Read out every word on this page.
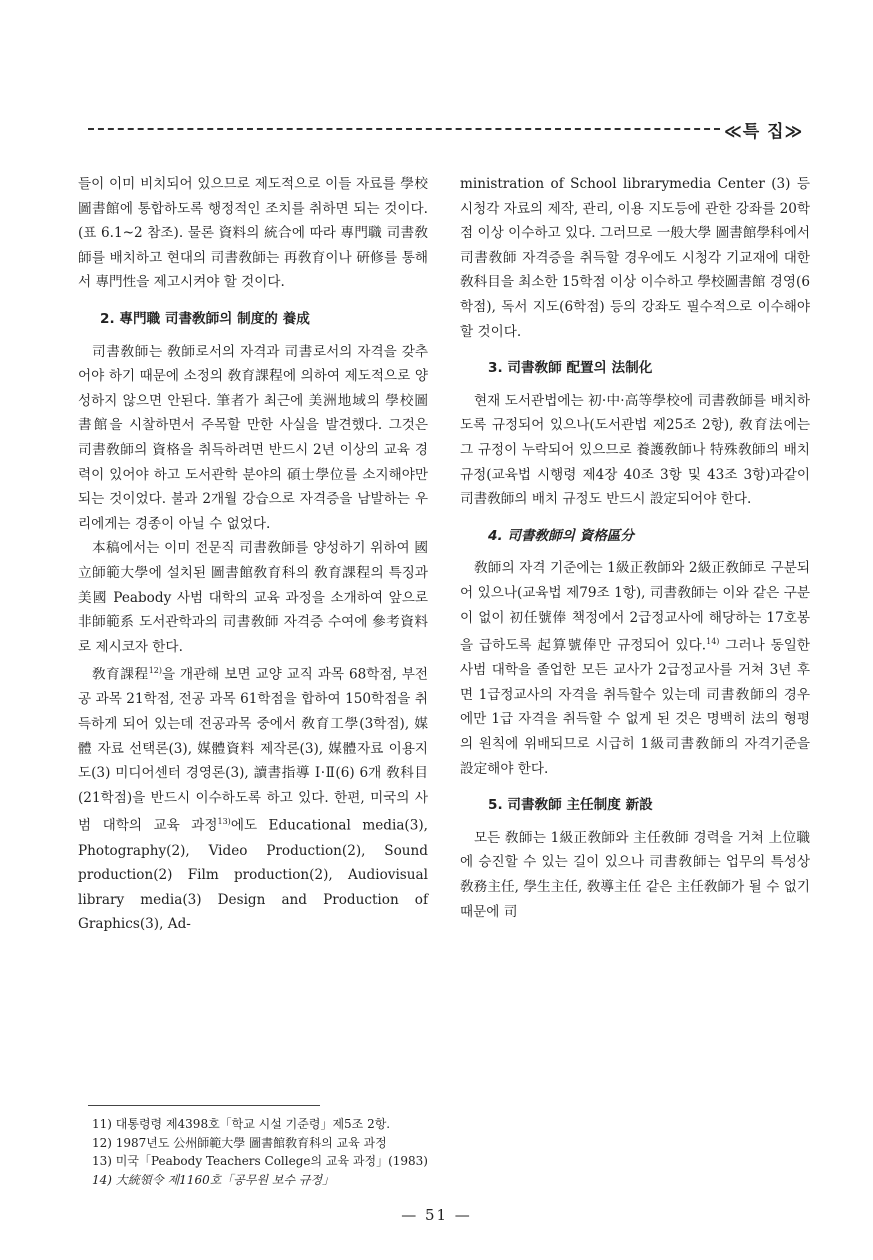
≪특 집≫

들이 이미 비치되어 있으므로 제도적으로 이들 자료를 學校圖書館에 통합하도록 행정적인 조치를 취하면 되는 것이다.(표 6.1~2 참조). 물론 資料의 統合에 따라 專門職 司書敎師를 배치하고 현대의 司書敎師는 再敎育이나 硏修를 통해서 專門性을 제고시켜야 할 것이다.

2. 專門職 司書敎師의 制度的 養成

司書敎師는 敎師로서의 자격과 司書로서의 자격을 갖추어야 하기 때문에 소정의 敎育課程에 의하여 제도적으로 양성하지 않으면 안된다. 筆者가 최근에 美洲地域의 學校圖書館을 시찰하면서 주목할 만한 사실을 발견했다. 그것은 司書敎師의 資格을 취득하려면 반드시 2년 이상의 교육 경력이 있어야 하고 도서관학 분야의 碩士學位를 소지해야만 되는 것이었다. 불과 2개월 강습으로 자격증을 남발하는 우리에게는 경종이 아닐 수 없었다.

本稿에서는 이미 전문직 司書敎師를 양성하기 위하여 國立師範大學에 설치된 圖書館敎育科의 敎育課程의 특징과 美國 Peabody 사범 대학의 교육 과정을 소개하여 앞으로 非師範系 도서관학과의 司書敎師 자격증 수여에 參考資料로 제시코자 한다.

敎育課程$^{12)}$을 개관해 보면 교양 교직 과목 68학점, 부전공 과목 21학점, 전공 과목 61학점을 합하여 150학점을 취득하게 되어 있는데 전공과목 중에서 敎育工學(3학점), 媒體 자료 선택론(3), 媒體資料 제작론(3), 媒體자료 이용지도(3) 미디어센터 경영론(3), 讀書指導 Ⅰ·Ⅱ(6) 6개 敎科目(21학점)을 반드시 이수하도록 하고 있다. 한편, 미국의 사범 대학의 교육 과정$^{13)}$에도 Educational media(3), Photography(2), Video Production(2), Sound production(2) Film production(2), Audiovisual library media(3) Design and Production of Graphics(3), Ad-

ministration of School librarymedia Center (3) 등 시청각 자료의 제작, 관리, 이용 지도등에 관한 강좌를 20학점 이상 이수하고 있다. 그러므로 一般大學 圖書館學科에서 司書敎師 자격증을 취득할 경우에도 시청각 기교재에 대한 敎科目을 최소한 15학점 이상 이수하고 學校圖書館 경영(6학점), 독서 지도(6학점) 등의 강좌도 필수적으로 이수해야 할 것이다.

3. 司書敎師 配置의 法制化

현재 도서관법에는 初·中·高等學校에 司書敎師를 배치하도록 규정되어 있으나(도서관법 제25조 2항), 敎育法에는 그 규정이 누락되어 있으므로 養護敎師나 特殊敎師의 배치 규정(교육법 시행령 제4장 40조 3항 및 43조 3항)과같이 司書敎師의 배치 규정도 반드시 設定되어야 한다.

4. 司書敎師의 資格區分

敎師의 자격 기준에는 1級正敎師와 2級正敎師로 구분되어 있으나(교육법 제79조 1항), 司書敎師는 이와 같은 구분이 없이 初任號俸 책정에서 2급정교사에 해당하는 17호봉을 급하도록 起算號俸만 규정되어 있다.$^{14)}$ 그러나 동일한 사범 대학을 졸업한 모든 교사가 2급정교사를 거쳐 3년 후면 1급정교사의 자격을 취득할수 있는데 司書敎師의 경우에만 1급 자격을 취득할 수 없게 된 것은 명백히 法의 형평의 원칙에 위배되므로 시급히 1級司書敎師의 자격기준을 設定해야 한다.

5. 司書敎師 主任制度 新設

모든 敎師는 1級正敎師와 主任敎師 경력을 거쳐 上位職에 승진할 수 있는 길이 있으나 司書敎師는 업무의 특성상 敎務主任, 學生主任, 敎導主任 같은 主任敎師가 될 수 없기 때문에 司

11) 대통령령 제4398호「학교 시설 기준령」제5조 2항.

12) 1987년도 公州師範大學 圖書館敎育科의 교육 과정

13) 미국「Peabody Teachers College의 교육 과정」(1983)

14) 大統領令 제1160호「공무원 보수 규정」

— 51 —
